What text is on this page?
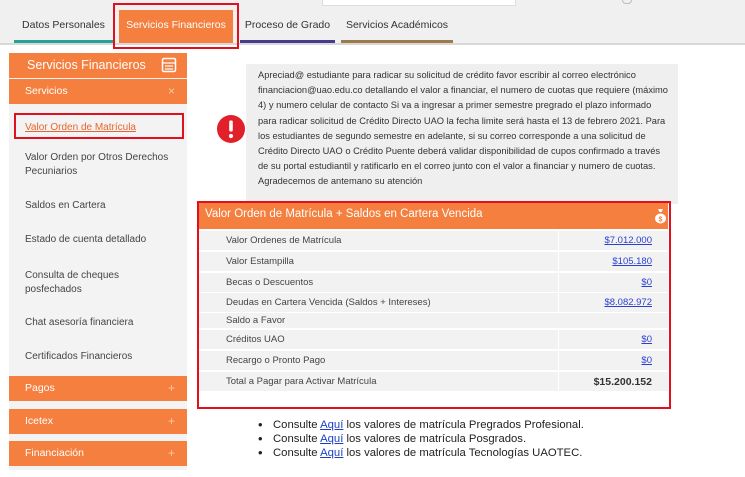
Datos Personales	Servicios Financieros	Proceso de Grado	Servicios Académicos
Servicios Financieros
Servicios	×
Valor Orden de Matrícula
Valor Orden por Otros Derechos Pecuniarios
Saldos en Cartera
Estado de cuenta detallado
Consulta de cheques posfechados
Chat asesoría financiera
Certificados Financieros
Pagos	+
Icetex	+
Financiación	+

Apreciad@ estudiante para radicar su solicitud de crédito favor escribir al correo electrónico financiacion@uao.edu.co detallando el valor a financiar, el numero de cuotas que requiere (máximo 4) y numero celular de contacto Si va a ingresar a primer semestre pregrado el plazo informado para radicar solicitud de Crédito Directo UAO la fecha limite será hasta el 13 de febrero 2021. Para los estudiantes de segundo semestre en adelante, si su correo corresponde a una solicitud de Crédito Directo UAO o Crédito Puente deberá validar disponibilidad de cupos confirmado a través de su portal estudiantil y ratificarlo en el correo junto con el valor a financiar y numero de cuotas. Agradecemos de antemano su atención

Valor Orden de Matrícula + Saldos en Cartera Vencida	$
Valor Ordenes de Matrícula	$7.012.000
Valor Estampilla	$105.180
Becas o Descuentos	$0
Deudas en Cartera Vencida (Saldos + Intereses)	$8.082.972
Saldo a Favor
Créditos UAO	$0
Recargo o Pronto Pago	$0
Total a Pagar para Activar Matrícula	$15.200.152
• Consulte Aquí los valores de matrícula Pregrados Profesional.
• Consulte Aquí los valores de matrícula Posgrados.
• Consulte Aquí los valores de matrícula Tecnologías UAOTEC.
